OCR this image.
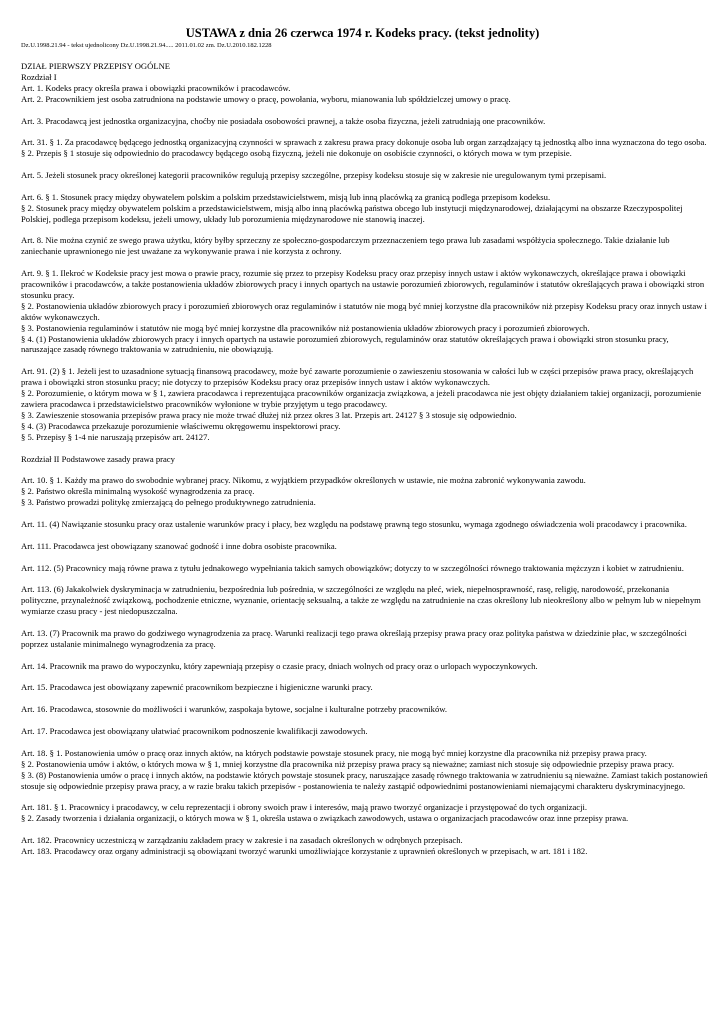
USTAWA z dnia 26 czerwca 1974 r. Kodeks pracy. (tekst jednolity)
Dz.U.1998.21.94 - tekst ujednolicony Dz.U.1998.21.94..... 2011.01.02 zm. Dz.U.2010.182.1228
DZIAŁ PIERWSZY PRZEPISY OGÓLNE
Rozdział I
Art. 1. Kodeks pracy określa prawa i obowiązki pracowników i pracodawców.
Art. 2. Pracownikiem jest osoba zatrudniona na podstawie umowy o pracę, powołania, wyboru, mianowania lub spółdzielczej umowy o pracę.
Art. 3. Pracodawcą jest jednostka organizacyjna, choćby nie posiadała osobowości prawnej, a także osoba fizyczna, jeżeli zatrudniają one pracowników.
Art. 31. § 1. Za pracodawcę będącego jednostką organizacyjną czynności w sprawach z zakresu prawa pracy dokonuje osoba lub organ zarządzający tą jednostką albo inna wyznaczona do tego osoba.
§ 2. Przepis § 1 stosuje się odpowiednio do pracodawcy będącego osobą fizyczną, jeżeli nie dokonuje on osobiście czynności, o których mowa w tym przepisie.
Art. 5. Jeżeli stosunek pracy określonej kategorii pracowników regulują przepisy szczególne, przepisy kodeksu stosuje się w zakresie nie uregulowanym tymi przepisami.
Art. 6. § 1. Stosunek pracy między obywatelem polskim a polskim przedstawicielstwem, misją lub inną placówką za granicą podlega przepisom kodeksu.
§ 2. Stosunek pracy między obywatelem polskim a przedstawicielstwem, misją albo inną placówką państwa obcego lub instytucji międzynarodowej, działającymi na obszarze Rzeczypospolitej Polskiej, podlega przepisom kodeksu, jeżeli umowy, układy lub porozumienia międzynarodowe nie stanowią inaczej.
Art. 8. Nie można czynić ze swego prawa użytku, który byłby sprzeczny ze społeczno-gospodarczym przeznaczeniem tego prawa lub zasadami współżycia społecznego. Takie działanie lub zaniechanie uprawnionego nie jest uważane za wykonywanie prawa i nie korzysta z ochrony.
Art. 9. § 1. Ilekroć w Kodeksie pracy jest mowa o prawie pracy, rozumie się przez to przepisy Kodeksu pracy oraz przepisy innych ustaw i aktów wykonawczych, określające prawa i obowiązki pracowników i pracodawców, a także postanowienia układów zbiorowych pracy i innych opartych na ustawie porozumień zbiorowych, regulaminów i statutów określających prawa i obowiązki stron stosunku pracy.
§ 2. Postanowienia układów zbiorowych pracy i porozumień zbiorowych oraz regulaminów i statutów nie mogą być mniej korzystne dla pracowników niż przepisy Kodeksu pracy oraz innych ustaw i aktów wykonawczych.
§ 3. Postanowienia regulaminów i statutów nie mogą być mniej korzystne dla pracowników niż postanowienia układów zbiorowych pracy i porozumień zbiorowych.
§ 4. (1) Postanowienia układów zbiorowych pracy i innych opartych na ustawie porozumień zbiorowych, regulaminów oraz statutów określających prawa i obowiązki stron stosunku pracy, naruszające zasadę równego traktowania w zatrudnieniu, nie obowiązują.
Art. 91. (2) § 1. Jeżeli jest to uzasadnione sytuacją finansową pracodawcy, może być zawarte porozumienie o zawieszeniu stosowania w całości lub w części przepisów prawa pracy, określających prawa i obowiązki stron stosunku pracy; nie dotyczy to przepisów Kodeksu pracy oraz przepisów innych ustaw i aktów wykonawczych.
§ 2. Porozumienie, o którym mowa w § 1, zawiera pracodawca i reprezentująca pracowników organizacja związkowa, a jeżeli pracodawca nie jest objęty działaniem takiej organizacji, porozumienie zawiera pracodawca i przedstawicielstwo pracowników wyłonione w trybie przyjętym u tego pracodawcy.
§ 3. Zawieszenie stosowania przepisów prawa pracy nie może trwać dłużej niż przez okres 3 lat. Przepis art. 24127 § 3 stosuje się odpowiednio.
§ 4. (3) Pracodawca przekazuje porozumienie właściwemu okręgowemu inspektorowi pracy.
§ 5. Przepisy § 1-4 nie naruszają przepisów art. 24127.
Rozdział II Podstawowe zasady prawa pracy
Art. 10. § 1. Każdy ma prawo do swobodnie wybranej pracy. Nikomu, z wyjątkiem przypadków określonych w ustawie, nie można zabronić wykonywania zawodu.
§ 2. Państwo określa minimalną wysokość wynagrodzenia za pracę.
§ 3. Państwo prowadzi politykę zmierzającą do pełnego produktywnego zatrudnienia.
Art. 11. (4) Nawiązanie stosunku pracy oraz ustalenie warunków pracy i płacy, bez względu na podstawę prawną tego stosunku, wymaga zgodnego oświadczenia woli pracodawcy i pracownika.
Art. 111. Pracodawca jest obowiązany szanować godność i inne dobra osobiste pracownika.
Art. 112. (5) Pracownicy mają równe prawa z tytułu jednakowego wypełniania takich samych obowiązków; dotyczy to w szczególności równego traktowania mężczyzn i kobiet w zatrudnieniu.
Art. 113. (6) Jakakolwiek dyskryminacja w zatrudnieniu, bezpośrednia lub pośrednia, w szczególności ze względu na płeć, wiek, niepełnosprawność, rasę, religię, narodowość, przekonania polityczne, przynależność związkową, pochodzenie etniczne, wyznanie, orientację seksualną, a także ze względu na zatrudnienie na czas określony lub nieokreślony albo w pełnym lub w niepełnym wymiarze czasu pracy - jest niedopuszczalna.
Art. 13. (7) Pracownik ma prawo do godziwego wynagrodzenia za pracę. Warunki realizacji tego prawa określają przepisy prawa pracy oraz polityka państwa w dziedzinie płac, w szczególności poprzez ustalanie minimalnego wynagrodzenia za pracę.
Art. 14. Pracownik ma prawo do wypoczynku, który zapewniają przepisy o czasie pracy, dniach wolnych od pracy oraz o urlopach wypoczynkowych.
Art. 15. Pracodawca jest obowiązany zapewnić pracownikom bezpieczne i higieniczne warunki pracy.
Art. 16. Pracodawca, stosownie do możliwości i warunków, zaspokaja bytowe, socjalne i kulturalne potrzeby pracowników.
Art. 17. Pracodawca jest obowiązany ułatwiać pracownikom podnoszenie kwalifikacji zawodowych.
Art. 18. § 1. Postanowienia umów o pracę oraz innych aktów, na których podstawie powstaje stosunek pracy, nie mogą być mniej korzystne dla pracownika niż przepisy prawa pracy.
§ 2. Postanowienia umów i aktów, o których mowa w § 1, mniej korzystne dla pracownika niż przepisy prawa pracy są nieważne; zamiast nich stosuje się odpowiednie przepisy prawa pracy.
§ 3. (8) Postanowienia umów o pracę i innych aktów, na podstawie których powstaje stosunek pracy, naruszające zasadę równego traktowania w zatrudnieniu są nieważne. Zamiast takich postanowień stosuje się odpowiednie przepisy prawa pracy, a w razie braku takich przepisów - postanowienia te należy zastąpić odpowiednimi postanowieniami niemającymi charakteru dyskryminacyjnego.
Art. 181. § 1. Pracownicy i pracodawcy, w celu reprezentacji i obrony swoich praw i interesów, mają prawo tworzyć organizacje i przystępować do tych organizacji.
§ 2. Zasady tworzenia i działania organizacji, o których mowa w § 1, określa ustawa o związkach zawodowych, ustawa o organizacjach pracodawców oraz inne przepisy prawa.
Art. 182. Pracownicy uczestniczą w zarządzaniu zakładem pracy w zakresie i na zasadach określonych w odrębnych przepisach.
Art. 183. Pracodawcy oraz organy administracji są obowiązani tworzyć warunki umożliwiające korzystanie z uprawnień określonych w przepisach, w art. 181 i 182.
